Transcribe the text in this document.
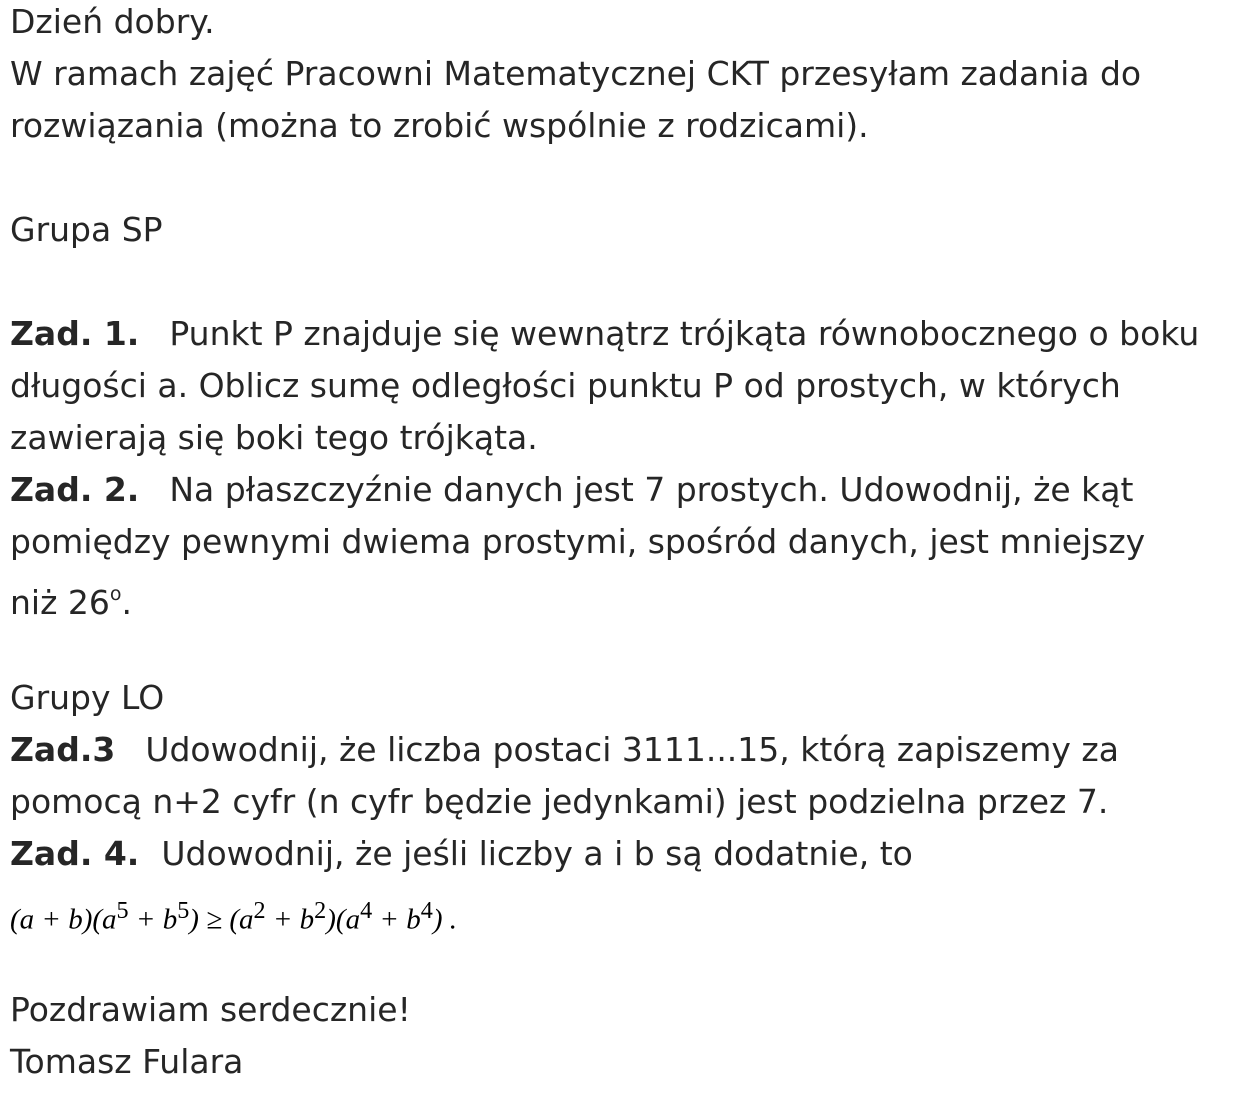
Dzień dobry.
W ramach zajęć Pracowni Matematycznej CKT przesyłam zadania do
rozwiązania (można to zrobić wspólnie z rodzicami).
Grupa SP
Zad. 1. Punkt P znajduje się wewnątrz trójkąta równobocznego o boku
długości a. Oblicz sumę odległości punktu P od prostych, w których
zawierają się boki tego trójkąta.
Zad. 2. Na płaszczyźnie danych jest 7 prostych. Udowodnij, że kąt
pomiędzy pewnymi dwiema prostymi, spośród danych, jest mniejszy
niż 26$^o$.
Grupy LO
Zad.3 Udowodnij, że liczba postaci 3111...15, którą zapiszemy za
pomocą n+2 cyfr (n cyfr będzie jedynkami) jest podzielna przez 7.
Zad. 4. Udowodnij, że jeśli liczby a i b są dodatnie, to
$(a + b)(a^5 + b^5) \ge (a^2 + b^2)(a^4 + b^4)$ .
Pozdrawiam serdecznie!
Tomasz Fulara
